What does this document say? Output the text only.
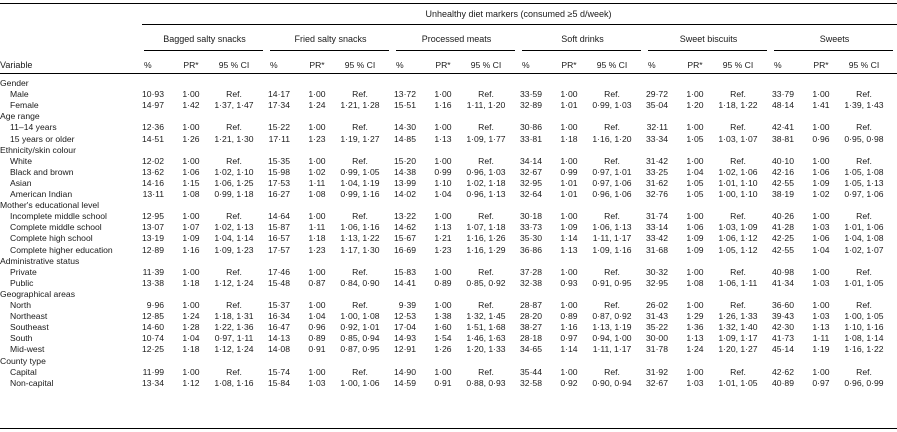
Unhealthy diet markers (consumed ≥5 d/week)
Bagged salty snacks	Fried salty snacks	Processed meats	Soft drinks	Sweet biscuits	Sweets
Variable	%	PR*	95 % CI	%	PR*	95 % CI	%	PR*	95 % CI	%	PR*	95 % CI	%	PR*	95 % CI	%	PR*	95 % CI
Gender
Male	10·93	1·00	Ref.	14·17	1·00	Ref.	13·72	1·00	Ref.	33·59	1·00	Ref.	29·72	1·00	Ref.	33·79	1·00	Ref.
Female	14·97	1·42	1·37, 1·47	17·34	1·24	1·21, 1·28	15·51	1·16	1·11, 1·20	32·89	1·01	0·99, 1·03	35·04	1·20	1·18, 1·22	48·14	1·41	1·39, 1·43
Age range
11–14 years	12·36	1·00	Ref.	15·22	1·00	Ref.	14·30	1·00	Ref.	30·86	1·00	Ref.	32·11	1·00	Ref.	42·41	1·00	Ref.
15 years or older	14·51	1·26	1·21, 1·30	17·11	1·23	1·19, 1·27	14·85	1·13	1·09, 1·77	33·81	1·18	1·16, 1·20	33·34	1·05	1·03, 1·07	38·81	0·96	0·95, 0·98
Ethnicity/skin colour
White	12·02	1·00	Ref.	15·35	1·00	Ref.	15·20	1·00	Ref.	34·14	1·00	Ref.	31·42	1·00	Ref.	40·10	1·00	Ref.
Black and brown	13·62	1·06	1·02, 1·10	15·98	1·02	0·99, 1·05	14·38	0·99	0·96, 1·03	32·67	0·99	0·97, 1·01	33·25	1·04	1·02, 1·06	42·16	1·06	1·05, 1·08
Asian	14·16	1·15	1·06, 1·25	17·53	1·11	1·04, 1·19	13·99	1·10	1·02, 1·18	32·95	1·01	0·97, 1·06	31·62	1·05	1·01, 1·10	42·55	1·09	1·05, 1·13
American Indian	13·11	1·08	0·99, 1·18	16·27	1·08	0·99, 1·16	14·02	1·04	0·96, 1·13	32·64	1·01	0·96, 1·06	32·76	1·05	1·00, 1·10	38·19	1·02	0·97, 1·06
Mother's educational level
Incomplete middle school	12·95	1·00	Ref.	14·64	1·00	Ref.	13·22	1·00	Ref.	30·18	1·00	Ref.	31·74	1·00	Ref.	40·26	1·00	Ref.
Complete middle school	13·07	1·07	1·02, 1·13	15·87	1·11	1·06, 1·16	14·62	1·13	1·07, 1·18	33·73	1·09	1·06, 1·13	33·14	1·06	1·03, 1·09	41·28	1·03	1·01, 1·06
Complete high school	13·19	1·09	1·04, 1·14	16·57	1·18	1·13, 1·22	15·67	1·21	1·16, 1·26	35·30	1·14	1·11, 1·17	33·42	1·09	1·06, 1·12	42·25	1·06	1·04, 1·08
Complete higher education	12·89	1·16	1·09, 1·23	17·57	1·23	1·17, 1·30	16·69	1·23	1·16, 1·29	36·86	1·13	1·09, 1·16	31·68	1·09	1·05, 1·12	42·55	1·04	1·02, 1·07
Administrative status
Private	11·39	1·00	Ref.	17·46	1·00	Ref.	15·83	1·00	Ref.	37·28	1·00	Ref.	30·32	1·00	Ref.	40·98	1·00	Ref.
Public	13·38	1·18	1·12, 1·24	15·48	0·87	0·84, 0·90	14·41	0·89	0·85, 0·92	32·38	0·93	0·91, 0·95	32·95	1·08	1·06, 1·11	41·34	1·03	1·01, 1·05
Geographical areas
North	9·96	1·00	Ref.	15·37	1·00	Ref.	9·39	1·00	Ref.	28·87	1·00	Ref.	26·02	1·00	Ref.	36·60	1·00	Ref.
Northeast	12·85	1·24	1·18, 1·31	16·34	1·04	1·00, 1·08	12·53	1·38	1·32, 1·45	28·20	0·89	0·87, 0·92	31·43	1·29	1·26, 1·33	39·43	1·03	1·00, 1·05
Southeast	14·60	1·28	1·22, 1·36	16·47	0·96	0·92, 1·01	17·04	1·60	1·51, 1·68	38·27	1·16	1·13, 1·19	35·22	1·36	1·32, 1·40	42·30	1·13	1·10, 1·16
South	10·74	1·04	0·97, 1·11	14·13	0·89	0·85, 0·94	14·93	1·54	1·46, 1·63	28·18	0·97	0·94, 1·00	30·00	1·13	1·09, 1·17	41·73	1·11	1·08, 1·14
Mid-west	12·25	1·18	1·12, 1·24	14·08	0·91	0·87, 0·95	12·91	1·26	1·20, 1·33	34·65	1·14	1·11, 1·17	31·78	1·24	1·20, 1·27	45·14	1·19	1·16, 1·22
County type
Capital	11·99	1·00	Ref.	15·74	1·00	Ref.	14·90	1·00	Ref.	35·44	1·00	Ref.	31·92	1·00	Ref.	42·62	1·00	Ref.
Non-capital	13·34	1·12	1·08, 1·16	15·84	1·03	1·00, 1·06	14·59	0·91	0·88, 0·93	32·58	0·92	0·90, 0·94	32·67	1·03	1·01, 1·05	40·89	0·97	0·96, 0·99
